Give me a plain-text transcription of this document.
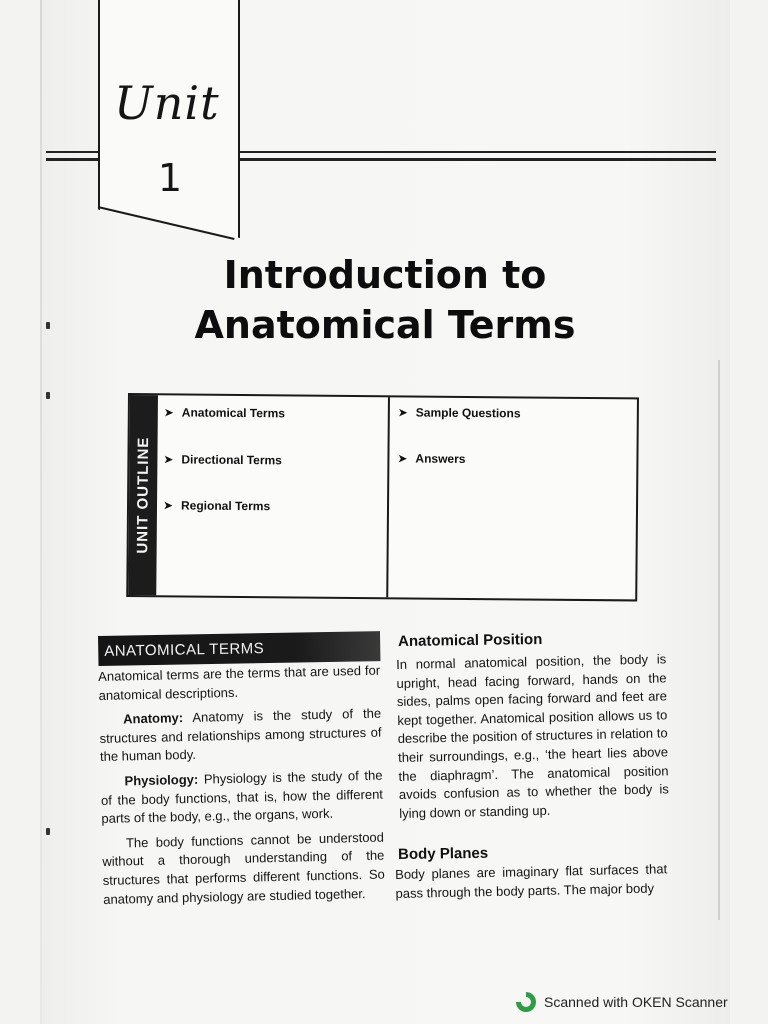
Unit
1
Introduction to
Anatomical Terms
UNIT OUTLINE
➤ Anatomical Terms
➤ Directional Terms
➤ Regional Terms
➤ Sample Questions
➤ Answers
ANATOMICAL TERMS

Anatomical terms are the terms that are used for anatomical descriptions.

Anatomy: Anatomy is the study of the structures and relationships among structures of the human body.

Physiology: Physiology is the study of the of the body functions, that is, how the different parts of the body, e.g., the organs, work.

The body functions cannot be understood without a thorough understanding of the structures that performs different functions. So anatomy and physiology are studied together.

Anatomical Position

In normal anatomical position, the body is upright, head facing forward, hands on the sides, palms open facing forward and feet are kept together. Anatomical position allows us to describe the position of structures in relation to their surroundings, e.g., ‘the heart lies above the diaphragm’. The anatomical position avoids confusion as to whether the body is lying down or standing up.

Body Planes

Body planes are imaginary flat surfaces that pass through the body parts. The major body

Scanned with OKEN Scanner
